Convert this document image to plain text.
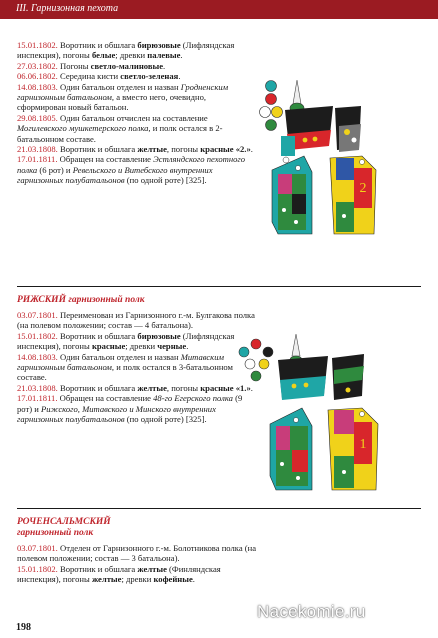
III. Гарнизонная пехота
15.01.1802. Воротник и обшлага бирюзовые (Лифляндская инспекция), погоны белые; древки палевые.
27.03.1802. Погоны светло-малиновые.
06.06.1802. Середина кисти светло-зеленая.
14.08.1803. Один батальон отделен и назван Гродненским гарнизонным батальоном, а вместо него, очевидно, сформирован новый батальон.
29.08.1805. Один батальон отчислен на составление Могилевского мушкетерского полка, и полк остался в 2-батальонном составе.
21.03.1808. Воротник и обшлага желтые, погоны красные «2.».
17.01.1811. Обращен на составление Эстляндского пехотного полка (6 рот) и Ревельского и Витебского внутренних гарнизонных полубатальонов (по одной роте) [325].
РИЖСКИЙ гарнизонный полк
03.07.1801. Переименован из Гарнизонного г.-м. Булгакова полка (на полевом положении; состав — 4 батальона).
15.01.1802. Воротник и обшлага бирюзовые (Лифляндская инспекция), погоны красные; древки черные.
14.08.1803. Один батальон отделен и назван Митавским гарнизонным батальоном, и полк остался в 3-батальонном составе.
21.03.1808. Воротник и обшлага желтые, погоны красные «1.».
17.01.1811. Обращен на составление 48-го Егерского полка (9 рот) и Рижского, Митавского и Минского внутренних гарнизонных полубатальонов (по одной роте) [325].
РОЧЕНСАЛЬМСКИЙ
гарнизонный полк
03.07.1801. Отделен от Гарнизонного г.-м. Болотникова полка (на полевом положении; состав — 3 батальона).
15.01.1802. Воротник и обшлага желтые (Финляндская инспекция), погоны желтые; древки кофейные.
2
1
198
Nacekomie.ru
